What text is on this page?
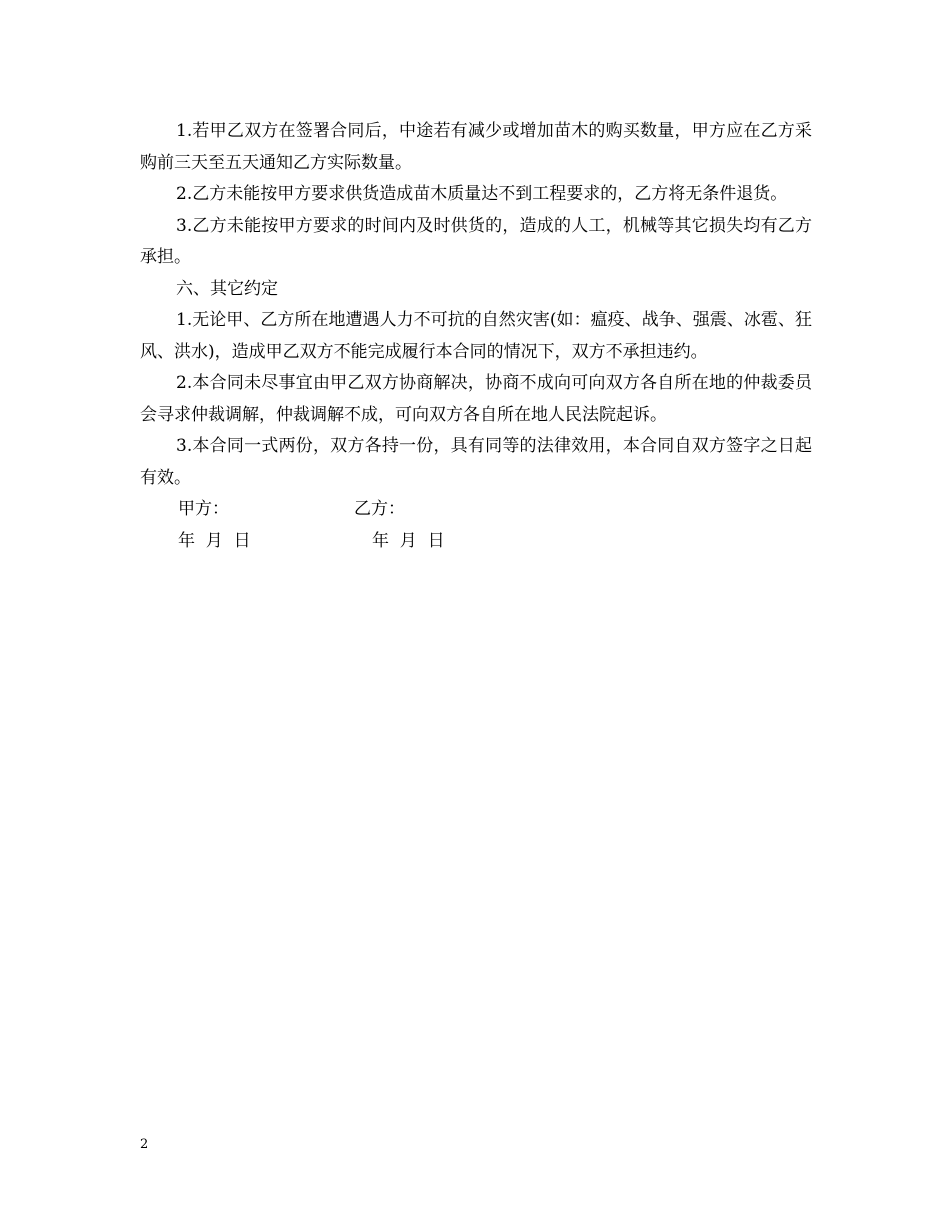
1.若甲乙双方在签署合同后，中途若有减少或增加苗木的购买数量，甲方应在乙方采购前三天至五天通知乙方实际数量。

2.乙方未能按甲方要求供货造成苗木质量达不到工程要求的，乙方将无条件退货。

3.乙方未能按甲方要求的时间内及时供货的，造成的人工，机械等其它损失均有乙方承担。

六、其它约定

1.无论甲、乙方所在地遭遇人力不可抗的自然灾害(如：瘟疫、战争、强震、冰雹、狂风、洪水)，造成甲乙双方不能完成履行本合同的情况下，双方不承担违约。

2.本合同未尽事宜由甲乙双方协商解决，协商不成向可向双方各自所在地的仲裁委员会寻求仲裁调解，仲裁调解不成，可向双方各自所在地人民法院起诉。

3.本合同一式两份，双方各持一份，具有同等的法律效用，本合同自双方签字之日起有效。

甲方：	乙方：
年  月  日	年  月  日
2
